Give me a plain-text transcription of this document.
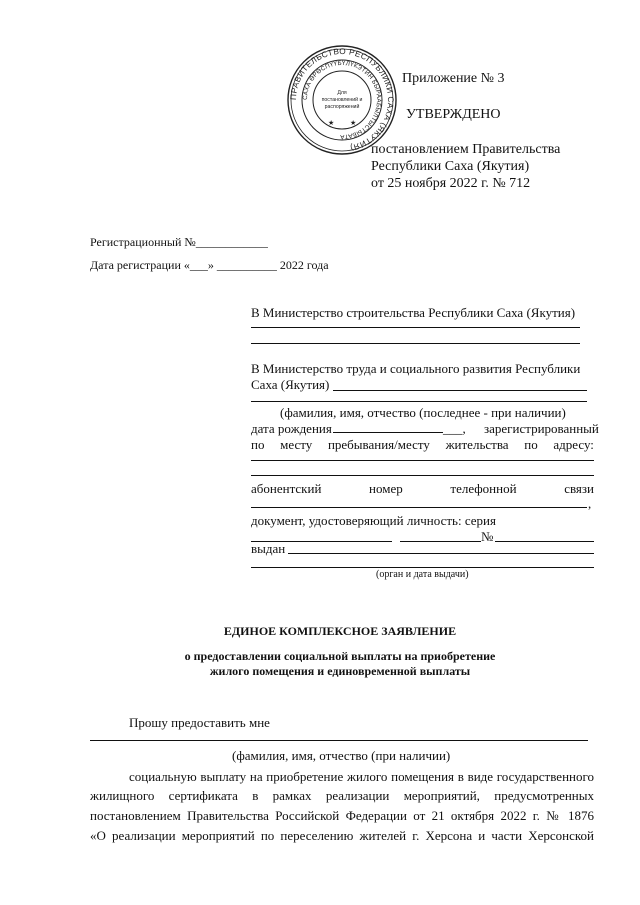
ПРАВИТЕЛЬСТВО РЕСПУБЛИКИ САХА (ЯКУТИЯ)
САХА ӨРӨСПҮҮБҮЛҮКЭТИН БЫРААБЫЛТЫСТЫБАТА
Для
постановлений и
распоряжений
★ ★
Приложение № 3
УТВЕРЖДЕНО
постановлением Правительства
Республики Саха (Якутия)
от 25 ноября 2022 г. № 712
Регистрационный №____________
Дата регистрации «___» __________ 2022 года
В Министерство строительства Республики Саха (Якутия)
В Министерство труда и социального развития Республики
Саха (Якутия)
(фамилия, имя, отчество (последнее - при наличии)
дата рождения	___, зарегистрированный
по месту пребывания/месту жительства по адресу:
абонентский	номер	телефонной	связи
,
документ, удостоверяющий личность: серия
№
выдан
(орган и дата выдачи)
ЕДИНОЕ КОМПЛЕКСНОЕ ЗАЯВЛЕНИЕ
о предоставлении социальной выплаты на приобретение
жилого помещения и единовременной выплаты
Прошу предоставить мне
(фамилия, имя, отчество (при наличии)
социальную выплату на приобретение жилого помещения в виде государственного
жилищного сертификата в рамках реализации мероприятий, предусмотренных
постановлением Правительства Российской Федерации от 21 октября 2022 г. № 1876
«О реализации мероприятий по переселению жителей г. Херсона и части Херсонской
